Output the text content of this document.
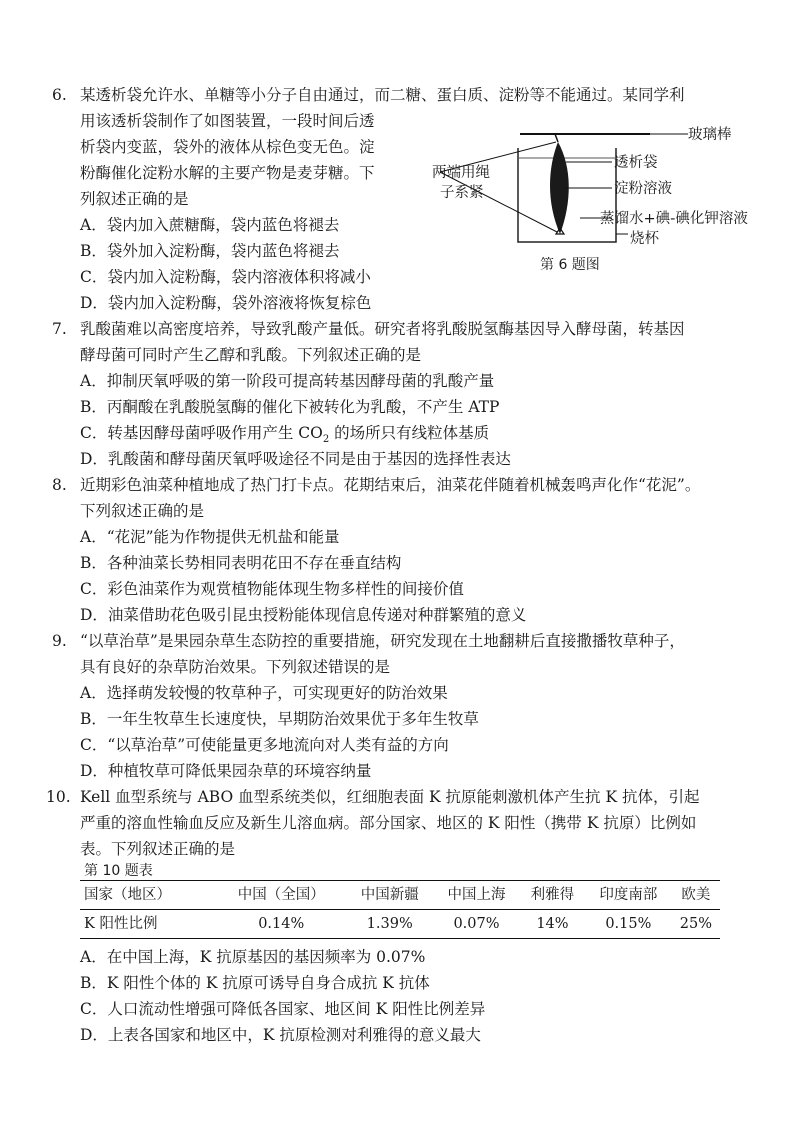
6. 某透析袋允许水、单糖等小分子自由通过，而二糖、蛋白质、淀粉等不能通过。某同学利
用该透析袋制作了如图装置，一段时间后透
析袋内变蓝，袋外的液体从棕色变无色。淀
粉酶催化淀粉水解的主要产物是麦芽糖。下
列叙述正确的是
A．袋内加入蔗糖酶，袋内蓝色将褪去
B．袋外加入淀粉酶，袋内蓝色将褪去
C．袋内加入淀粉酶，袋内溶液体积将减小
D．袋内加入淀粉酶，袋外溶液将恢复棕色
玻璃棒
透析袋
淀粉溶液
蒸馏水+碘-碘化钾溶液
烧杯
两端用绳
子系紧
第 6 题图
7. 乳酸菌难以高密度培养，导致乳酸产量低。研究者将乳酸脱氢酶基因导入酵母菌，转基因
酵母菌可同时产生乙醇和乳酸。下列叙述正确的是
A．抑制厌氧呼吸的第一阶段可提高转基因酵母菌的乳酸产量
B．丙酮酸在乳酸脱氢酶的催化下被转化为乳酸，不产生 ATP
C．转基因酵母菌呼吸作用产生 $CO_2$ 的场所只有线粒体基质
D．乳酸菌和酵母菌厌氧呼吸途径不同是由于基因的选择性表达
8. 近期彩色油菜种植地成了热门打卡点。花期结束后，油菜花伴随着机械轰鸣声化作“花泥”。
下列叙述正确的是
A．“花泥”能为作物提供无机盐和能量
B．各种油菜长势相同表明花田不存在垂直结构
C．彩色油菜作为观赏植物能体现生物多样性的间接价值
D．油菜借助花色吸引昆虫授粉能体现信息传递对种群繁殖的意义
9. “以草治草”是果园杂草生态防控的重要措施，研究发现在土地翻耕后直接撒播牧草种子，
具有良好的杂草防治效果。下列叙述错误的是
A．选择萌发较慢的牧草种子，可实现更好的防治效果
B．一年生牧草生长速度快，早期防治效果优于多年生牧草
C．“以草治草”可使能量更多地流向对人类有益的方向
D．种植牧草可降低果园杂草的环境容纳量
10. Kell 血型系统与 ABO 血型系统类似，红细胞表面 K 抗原能刺激机体产生抗 K 抗体，引起
严重的溶血性输血反应及新生儿溶血病。部分国家、地区的 K 阳性（携带 K 抗原）比例如
表。下列叙述正确的是
第 10 题表
国家（地区）	中国（全国）	中国新疆	中国上海	利雅得	印度南部	欧美
K 阳性比例	0.14%	1.39%	0.07%	14%	0.15%	25%
A．在中国上海，K 抗原基因的基因频率为 0.07%
B．K 阳性个体的 K 抗原可诱导自身合成抗 K 抗体
C．人口流动性增强可降低各国家、地区间 K 阳性比例差异
D．上表各国家和地区中，K 抗原检测对利雅得的意义最大
